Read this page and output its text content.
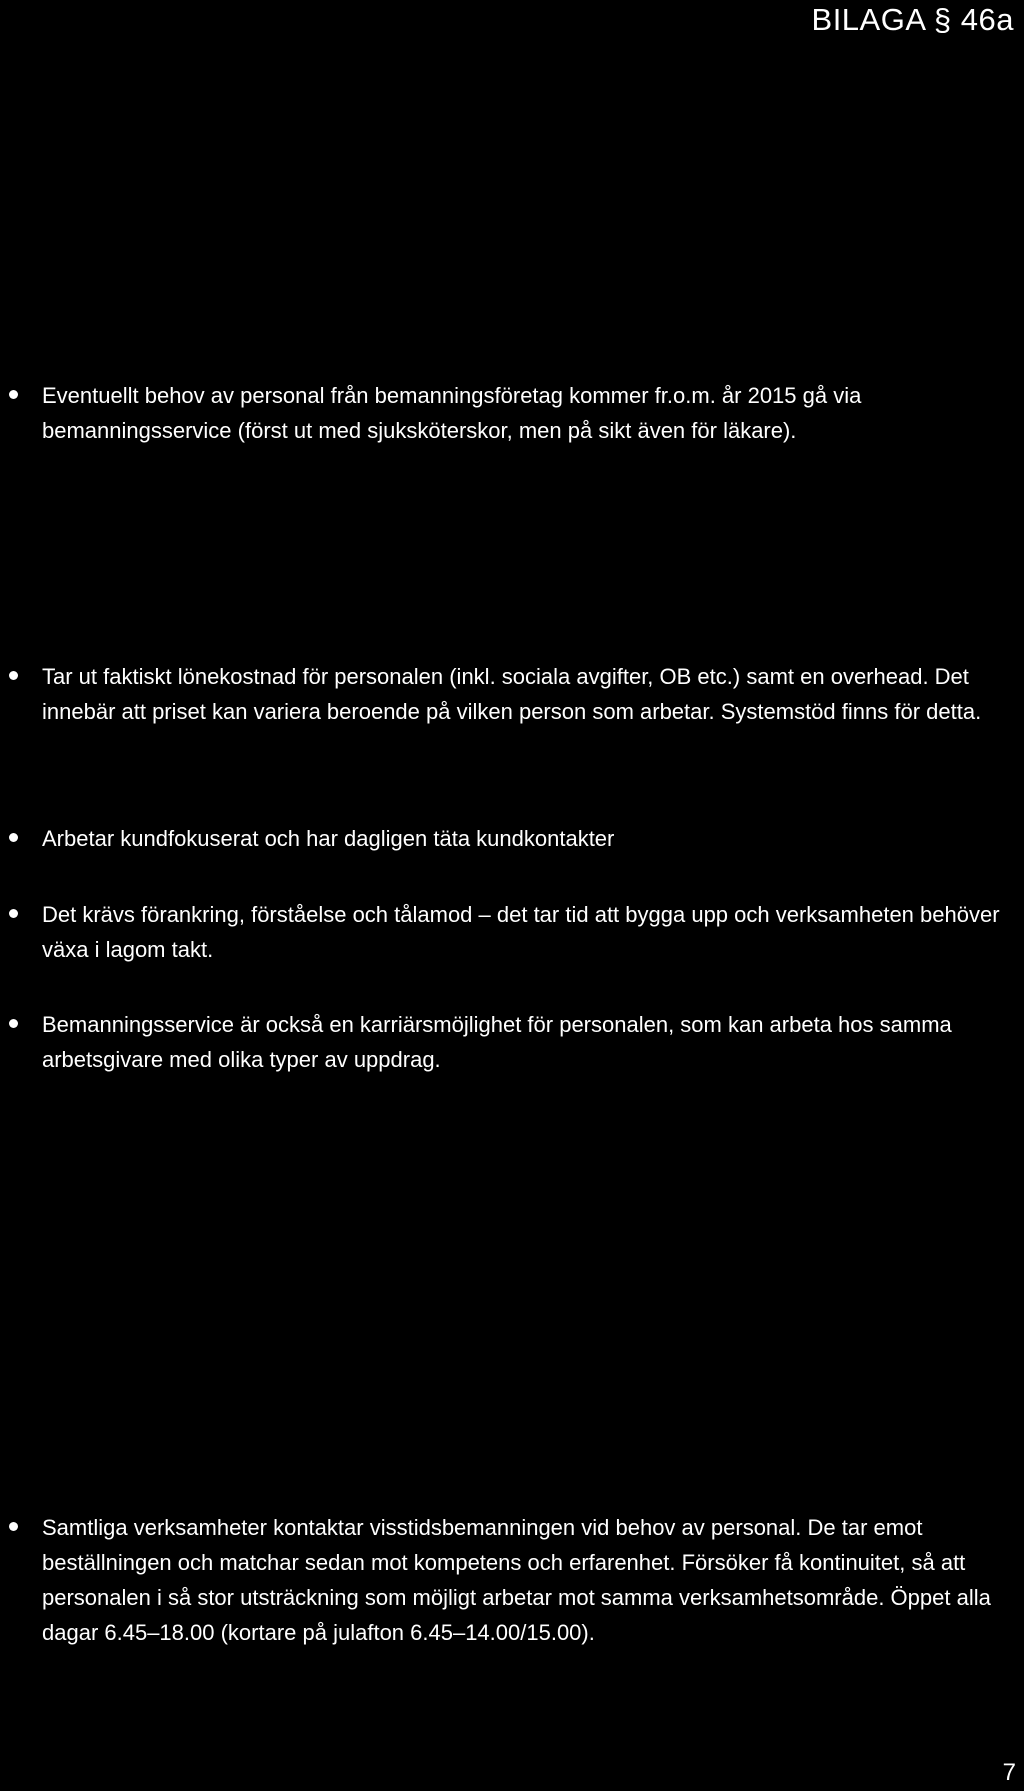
BILAGA § 46a

Eventuellt behov av personal från bemanningsföretag kommer fr.o.m. år 2015 gå via bemanningsservice (först ut med sjuksköterskor, men på sikt även för läkare).

Tar ut faktiskt lönekostnad för personalen (inkl. sociala avgifter, OB etc.) samt en overhead. Det innebär att priset kan variera beroende på vilken person som arbetar. Systemstöd finns för detta.

Arbetar kundfokuserat och har dagligen täta kundkontakter

Det krävs förankring, förståelse och tålamod – det tar tid att bygga upp och verksamheten behöver växa i lagom takt.

Bemanningsservice är också en karriärsmöjlighet för personalen, som kan arbeta hos samma arbetsgivare med olika typer av uppdrag.

Samtliga verksamheter kontaktar visstidsbemanningen vid behov av personal. De tar emot beställningen och matchar sedan mot kompetens och erfarenhet. Försöker få kontinuitet, så att personalen i så stor utsträckning som möjligt arbetar mot samma verksamhetsområde. Öppet alla dagar 6.45–18.00 (kortare på julafton 6.45–14.00/15.00).

7
